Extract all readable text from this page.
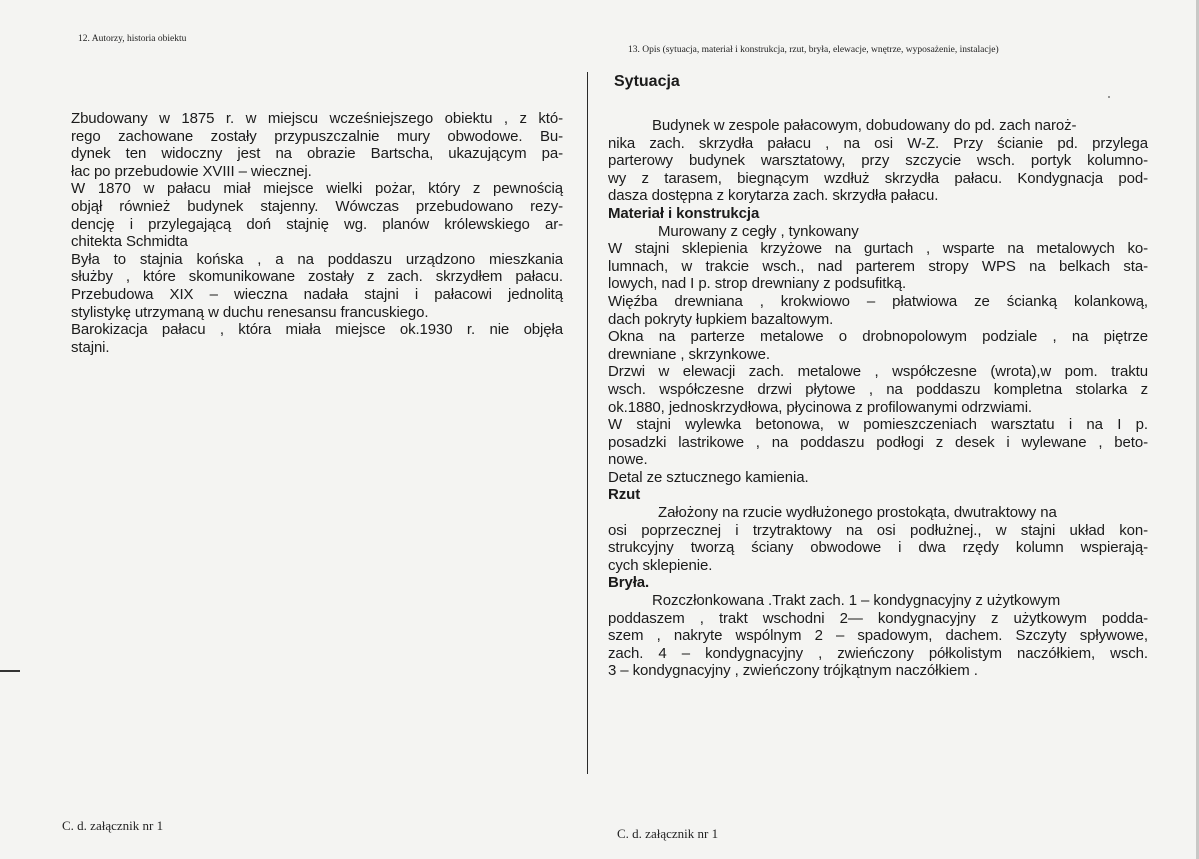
12. Autorzy, historia obiektu
13. Opis (sytuacja, materiał i konstrukcja, rzut, bryła, elewacje, wnętrze, wyposażenie, instalacje)
Zbudowany w 1875 r. w miejscu wcześniejszego obiektu , z któ-
rego zachowane zostały przypuszczalnie mury obwodowe. Bu-
dynek ten widoczny jest na obrazie Bartscha, ukazującym pa-
łac po przebudowie XVIII – wiecznej.
W 1870 w pałacu miał miejsce wielki pożar, który z pewnością
objął również budynek stajenny. Wówczas przebudowano rezy-
dencję i przylegającą doń stajnię wg. planów królewskiego ar-
chitekta Schmidta
Była to stajnia końska , a na poddaszu urządzono mieszkania
służby , które skomunikowane zostały z zach. skrzydłem pałacu.
Przebudowa XIX – wieczna nadała stajni i pałacowi jednolitą
stylistykę utrzymaną w duchu renesansu francuskiego.
Barokizacja pałacu , która miała miejsce ok.1930 r. nie objęła
stajni.
Sytuacja
Budynek w zespole pałacowym, dobudowany do pd. zach naroż-
nika zach. skrzydła pałacu , na osi W-Z. Przy ścianie pd. przylega
parterowy budynek warsztatowy, przy szczycie wsch. portyk kolumno-
wy z tarasem, biegnącym wzdłuż skrzydła pałacu. Kondygnacja pod-
dasza dostępna z korytarza zach. skrzydła pałacu.
Materiał i konstrukcja
Murowany z cegły , tynkowany
W stajni sklepienia krzyżowe na gurtach , wsparte na metalowych ko-
lumnach, w trakcie wsch., nad parterem stropy WPS na belkach sta-
lowych, nad I p. strop drewniany z podsufitką.
Więźba drewniana , krokwiowo – płatwiowa ze ścianką kolankową,
dach pokryty łupkiem bazaltowym.
Okna na parterze metalowe o drobnopolowym podziale , na piętrze
drewniane , skrzynkowe.
Drzwi w elewacji zach. metalowe , współczesne (wrota),w pom. traktu
wsch. współczesne drzwi płytowe , na poddaszu kompletna stolarka z
ok.1880, jednoskrzydłowa, płycinowa z profilowanymi odrzwiami.
W stajni wylewka betonowa, w pomieszczeniach warsztatu i na I p.
posadzki lastrikowe , na poddaszu podłogi z desek i wylewane , beto-
nowe.
Detal ze sztucznego kamienia.
Rzut
Założony na rzucie wydłużonego prostokąta, dwutraktowy na
osi poprzecznej i trzytraktowy na osi podłużnej., w stajni układ kon-
strukcyjny tworzą ściany obwodowe i dwa rzędy kolumn wspierają-
cych sklepienie.
Bryła.
Rozczłonkowana .Trakt zach. 1 – kondygnacyjny z użytkowym
poddaszem , trakt wschodni 2— kondygnacyjny z użytkowym podda-
szem , nakryte wspólnym 2 – spadowym, dachem. Szczyty spływowe,
zach. 4 – kondygnacyjny , zwieńczony półkolistym naczółkiem, wsch.
3 – kondygnacyjny , zwieńczony trójkątnym naczółkiem .
C. d. załącznik nr 1
C. d. załącznik nr 1
